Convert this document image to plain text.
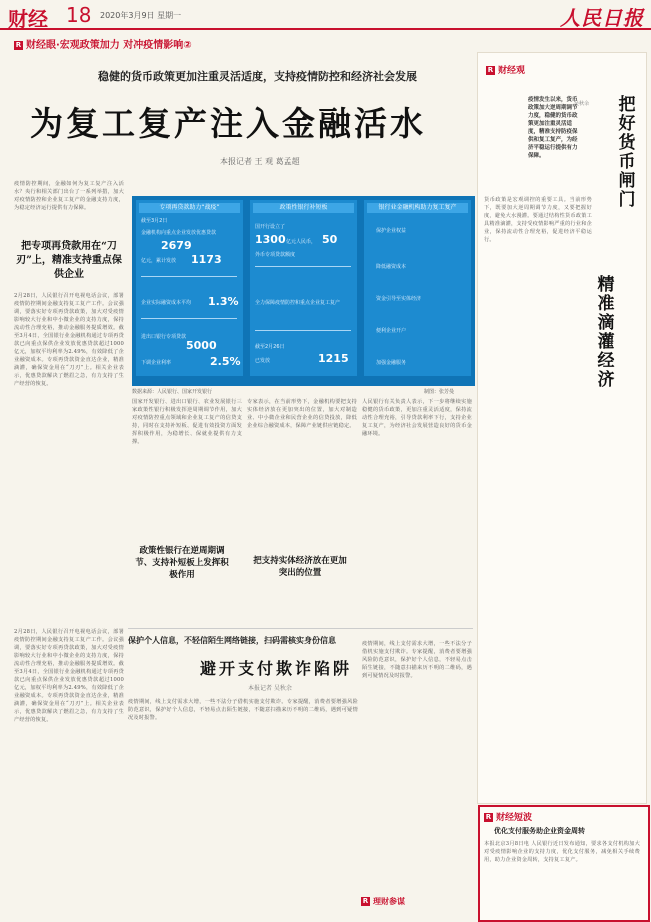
财经 18 2020年3月9日 星期一	人民日报
R 财经眼·宏观政策加力 对冲疫情影响②
稳健的货币政策更加注重灵活适度，支持疫情防控和经济社会发展
为复工复产注入金融活水
本报记者 王 观 葛孟超
疫情防控期间，金融如何为复工复产注入活水？央行和相关部门出台了一系列举措，加大对疫情防控和企业复工复产的金融支持力度，为稳定经济运行提供有力保障。
把专项再贷款用在“刀刃”上，精准支持重点保供企业
2月28日，人民银行召开电视电话会议，部署疫情防控期间金融支持复工复产工作。会议强调，要落实好专项再贷款政策，加大对受疫情影响较大行业和中小微企业的支持力度，保持流动性合理充裕，推动金融服务提质增效。截至3月4日，全国银行业金融机构通过专项再贷款已向重点保供企业发放优惠贷款超过1000亿元，加权平均利率为2.49%，有效降低了企业融资成本。专项再贷款资金直达企业，精准滴灌，确保资金用在“刀刃”上。相关企业表示，优惠贷款解决了燃眉之急，有力支持了生产经营的恢复。
专项再贷款助力“战疫”
截至3月2日
金融机构向重点企业发放优惠贷款
2679
亿元，累计发放 1173
企业实际融资成本平均	1.3%
进出口银行专项贷款
5000
下调企业利率	2.5%
政策性银行补短板
国开行设立了
1300 亿元人民币， 50
外币专项贷款额度
全力保障疫情防控和重点企业复工复产
截至2月26日
已发放	1215
银行业金融机构助力复工复产
保护企业权益
降低融资成本
资金引导至实体经济
便利企业开户
加强金融服务
数据来源：人民银行、国家开发银行	制图：张芳曼
国家开发银行、进出口银行、农业发展银行三家政策性银行积极发挥逆周期调节作用，加大对疫情防控重点领域和企业复工复产的信贷支持，同时在支持补短板、促进有效投资方面发挥积极作用，为稳增长、保就业提供有力支撑。
政策性银行在逆周期调节、支持补短板上发挥积极作用
专家表示，在当前形势下，金融机构要把支持实体经济放在更加突出的位置，加大对制造业、中小微企业和民营企业的信贷投放，降低企业综合融资成本，保障产业链供应链稳定。
把支持实体经济放在更加突出的位置
人民银行有关负责人表示，下一步将继续实施稳健的货币政策，更加注重灵活适度，保持流动性合理充裕，引导贷款利率下行，支持企业复工复产，为经济社会发展营造良好的货币金融环境。
2月28日，人民银行召开电视电话会议，部署疫情防控期间金融支持复工复产工作。会议强调，要落实好专项再贷款政策，加大对受疫情影响较大行业和中小微企业的支持力度，保持流动性合理充裕，推动金融服务提质增效。截至3月4日，全国银行业金融机构通过专项再贷款已向重点保供企业发放优惠贷款超过1000亿元，加权平均利率为2.49%，有效降低了企业融资成本。专项再贷款资金直达企业，精准滴灌，确保资金用在“刀刃”上。相关企业表示，优惠贷款解决了燃眉之急，有力支持了生产经营的恢复。
保护个人信息，不轻信陌生网络链接，扫码需核实身份信息
避开支付欺诈陷阱
本报记者 吴秋余
疫情期间，线上支付需求大增，一些不法分子借机实施支付欺诈。专家提醒，消费者要增强风险防范意识，保护好个人信息，不轻易点击陌生链接，不随意扫描来历不明的二维码，遇到可疑情况及时报警。
疫情期间，线上支付需求大增，一些不法分子借机实施支付欺诈。专家提醒，消费者要增强风险防范意识，保护好个人信息，不轻易点击陌生链接，不随意扫描来历不明的二维码，遇到可疑情况及时报警。
R 理财参谋
R 财经观
疫情发生以来，货币政策加大逆周期调节力度，稳健的货币政策更加注重灵活适度，精准支持防疫保供和复工复产，为经济平稳运行提供有力保障。
把好货币闸门
精准滴灌经济
吴秋余
货币政策是宏观调控的重要工具。当前形势下，既要加大逆周期调节力度，又要把握好度，避免大水漫灌。要通过结构性货币政策工具精准滴灌，支持受疫情影响严重的行业和企业，保持流动性合理充裕，促进经济平稳运行。
R 财经短波
优化支付服务助企业资金周转
本报北京3月8日电 人民银行近日发布通知，要求各支付机构加大对受疫情影响企业的支持力度，优化支付服务，减免相关手续费用，助力企业资金周转，支持复工复产。
